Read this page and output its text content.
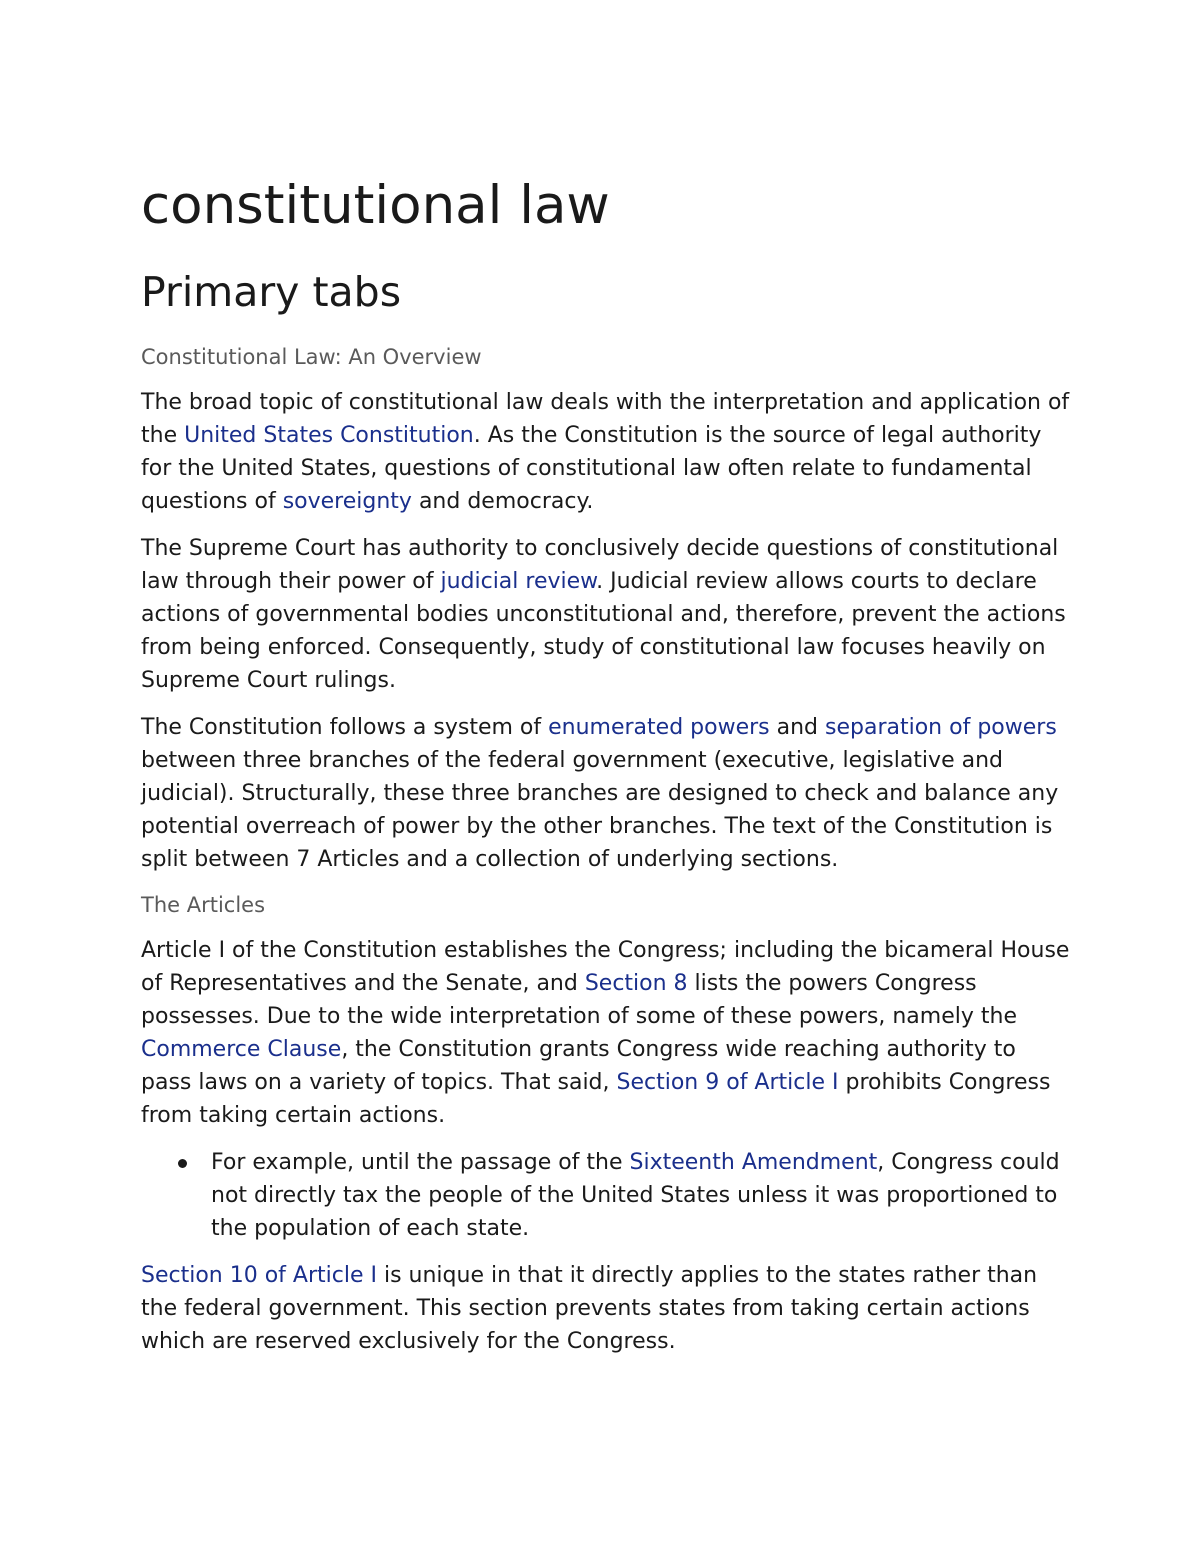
constitutional law
Primary tabs
Constitutional Law: An Overview

The broad topic of constitutional law deals with the interpretation and application of the United States Constitution. As the Constitution is the source of legal authority for the United States, questions of constitutional law often relate to fundamental questions of sovereignty and democracy.

The Supreme Court has authority to conclusively decide questions of constitutional law through their power of judicial review. Judicial review allows courts to declare actions of governmental bodies unconstitutional and, therefore, prevent the actions from being enforced. Consequently, study of constitutional law focuses heavily on Supreme Court rulings.

The Constitution follows a system of enumerated powers and separation of powers between three branches of the federal government (executive, legislative and judicial). Structurally, these three branches are designed to check and balance any potential overreach of power by the other branches. The text of the Constitution is split between 7 Articles and a collection of underlying sections.

The Articles

Article I of the Constitution establishes the Congress; including the bicameral House of Representatives and the Senate, and Section 8 lists the powers Congress possesses. Due to the wide interpretation of some of these powers, namely the Commerce Clause, the Constitution grants Congress wide reaching authority to pass laws on a variety of topics. That said, Section 9 of Article I prohibits Congress from taking certain actions.

For example, until the passage of the Sixteenth Amendment, Congress could not directly tax the people of the United States unless it was proportioned to the population of each state.

Section 10 of Article I is unique in that it directly applies to the states rather than the federal government. This section prevents states from taking certain actions which are reserved exclusively for the Congress.
